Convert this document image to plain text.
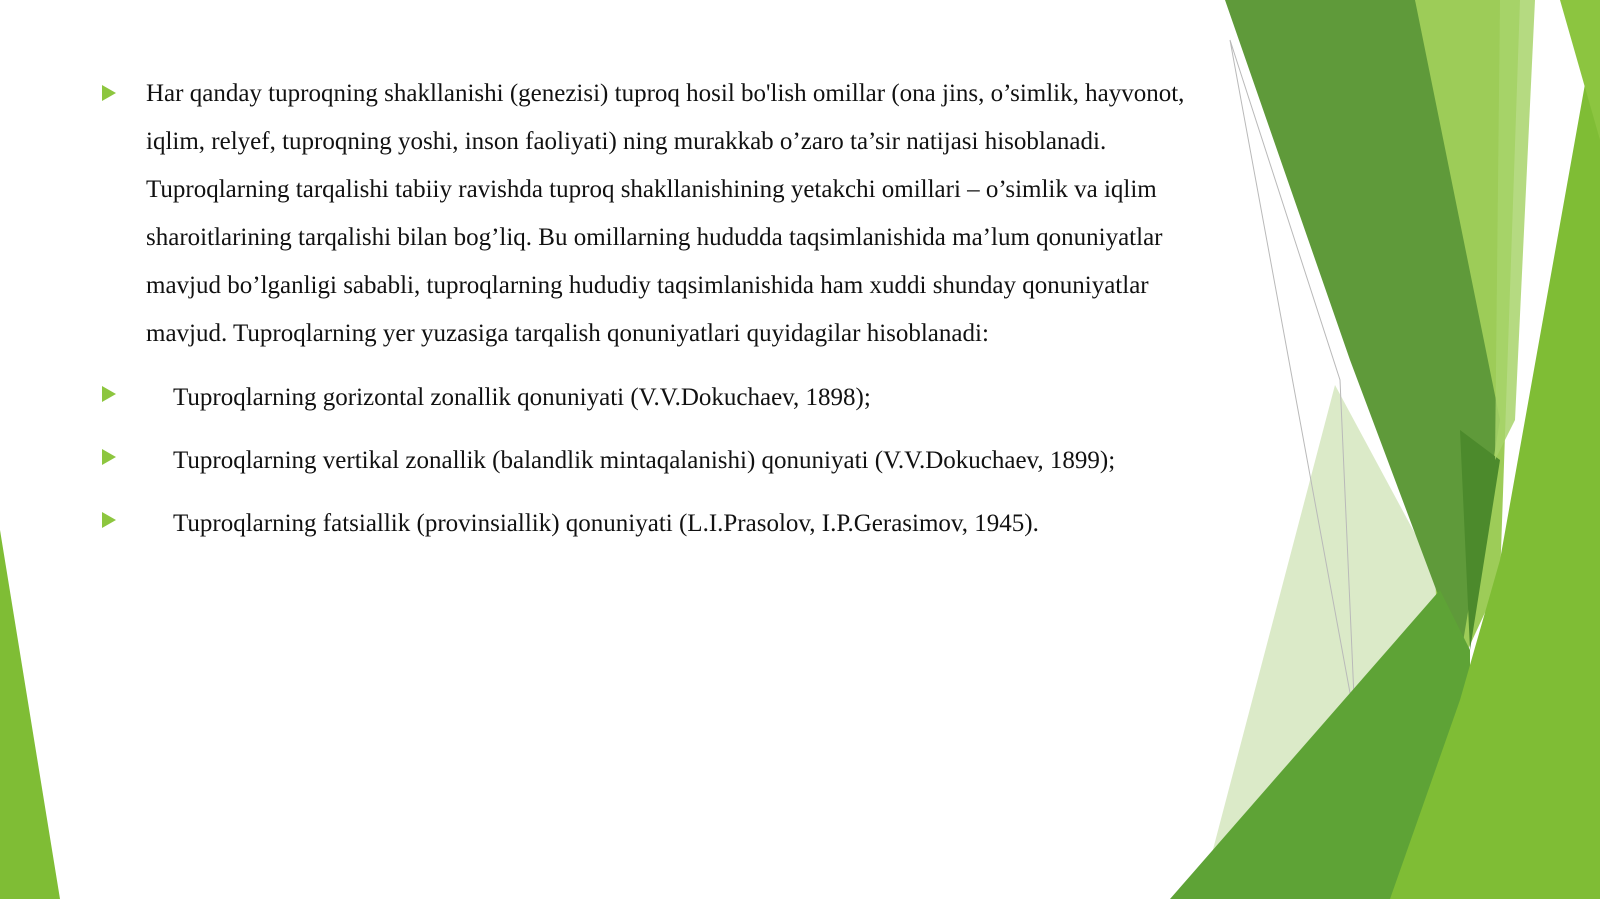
Har qanday tuproqning shakllanishi (genezisi) tuproq hosil bo'lish omillar (ona jins, o’simlik, hayvonot, iqlim, relyef, tuproqning yoshi, inson faoliyati) ning murakkab o’zaro ta’sir natijasi hisoblanadi. Tuproqlarning tarqalishi tabiiy ravishda tuproq shakllanishining yetakchi omillari – o’simlik va iqlim sharoitlarining tarqalishi bilan bog’liq. Bu omillarning hududda taqsimlanishida ma’lum qonuniyatlar mavjud bo’lganligi sababli, tuproqlarning hududiy taqsimlanishida ham xuddi shunday qonuniyatlar mavjud. Tuproqlarning yer yuzasiga tarqalish qonuniyatlari quyidagilar hisoblanadi:

Tuproqlarning gorizontal zonallik qonuniyati (V.V.Dokuchaev, 1898);

Tuproqlarning vertikal zonallik (balandlik mintaqalanishi) qonuniyati (V.V.Dokuchaev, 1899);

Tuproqlarning fatsiallik (provinsiallik) qonuniyati (L.I.Prasolov, I.P.Gerasimov, 1945).
